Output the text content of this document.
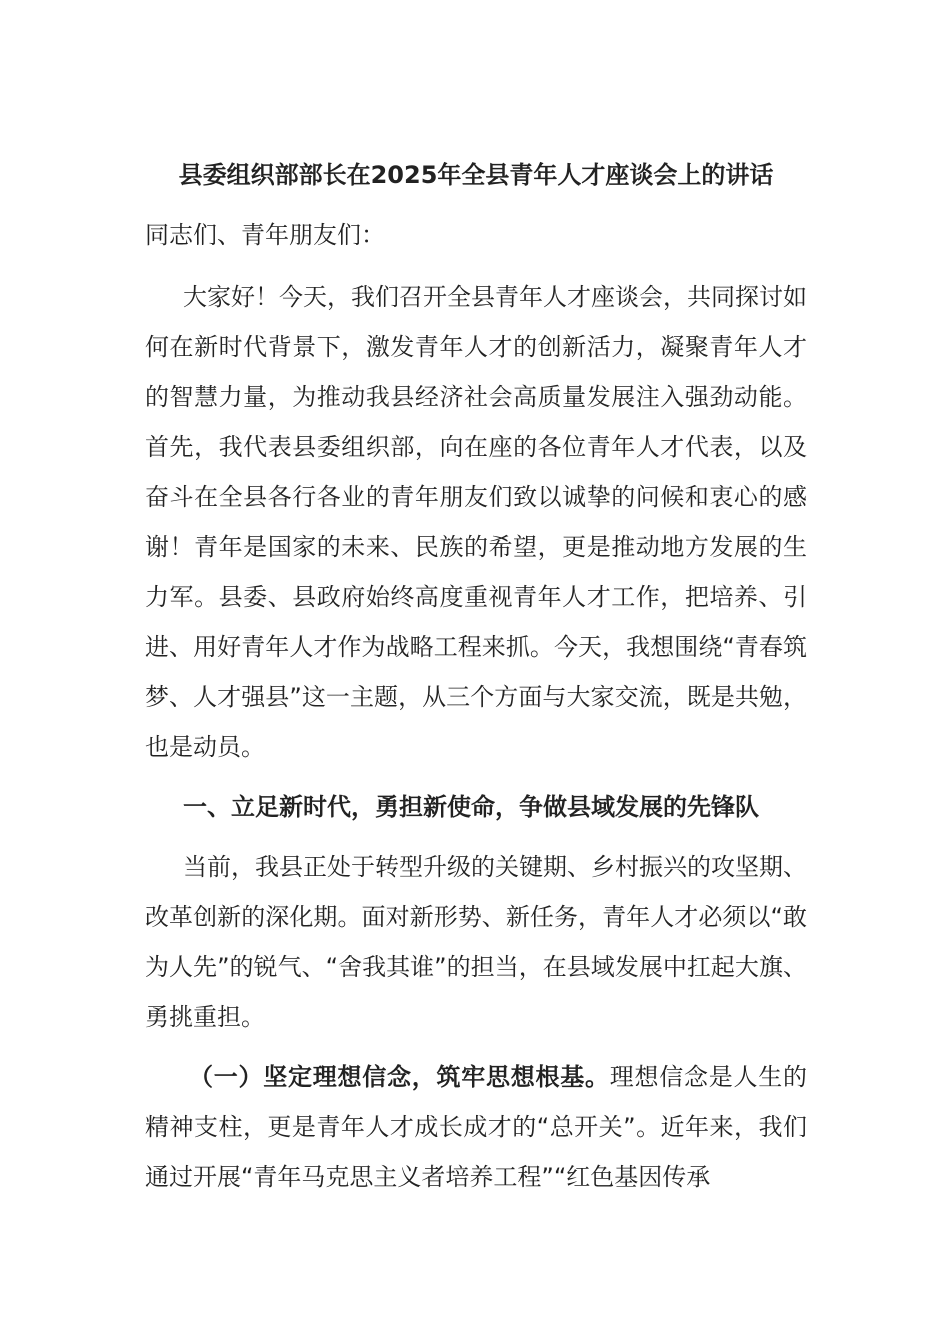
县委组织部部长在2025年全县青年人才座谈会上的讲话

同志们、青年朋友们：

大家好！今天，我们召开全县青年人才座谈会，共同探讨如何在新时代背景下，激发青年人才的创新活力，凝聚青年人才的智慧力量，为推动我县经济社会高质量发展注入强劲动能。首先，我代表县委组织部，向在座的各位青年人才代表，以及奋斗在全县各行各业的青年朋友们致以诚挚的问候和衷心的感谢！青年是国家的未来、民族的希望，更是推动地方发展的生力军。县委、县政府始终高度重视青年人才工作，把培养、引进、用好青年人才作为战略工程来抓。今天，我想围绕“青春筑梦、人才强县”这一主题，从三个方面与大家交流，既是共勉，也是动员。

一、立足新时代，勇担新使命，争做县域发展的先锋队

当前，我县正处于转型升级的关键期、乡村振兴的攻坚期、改革创新的深化期。面对新形势、新任务，青年人才必须以“敢为人先”的锐气、“舍我其谁”的担当，在县域发展中扛起大旗、勇挑重担。

（一）坚定理想信念，筑牢思想根基。理想信念是人生的精神支柱，更是青年人才成长成才的“总开关”。近年来，我们通过开展“青年马克思主义者培养工程”“红色基因传承
